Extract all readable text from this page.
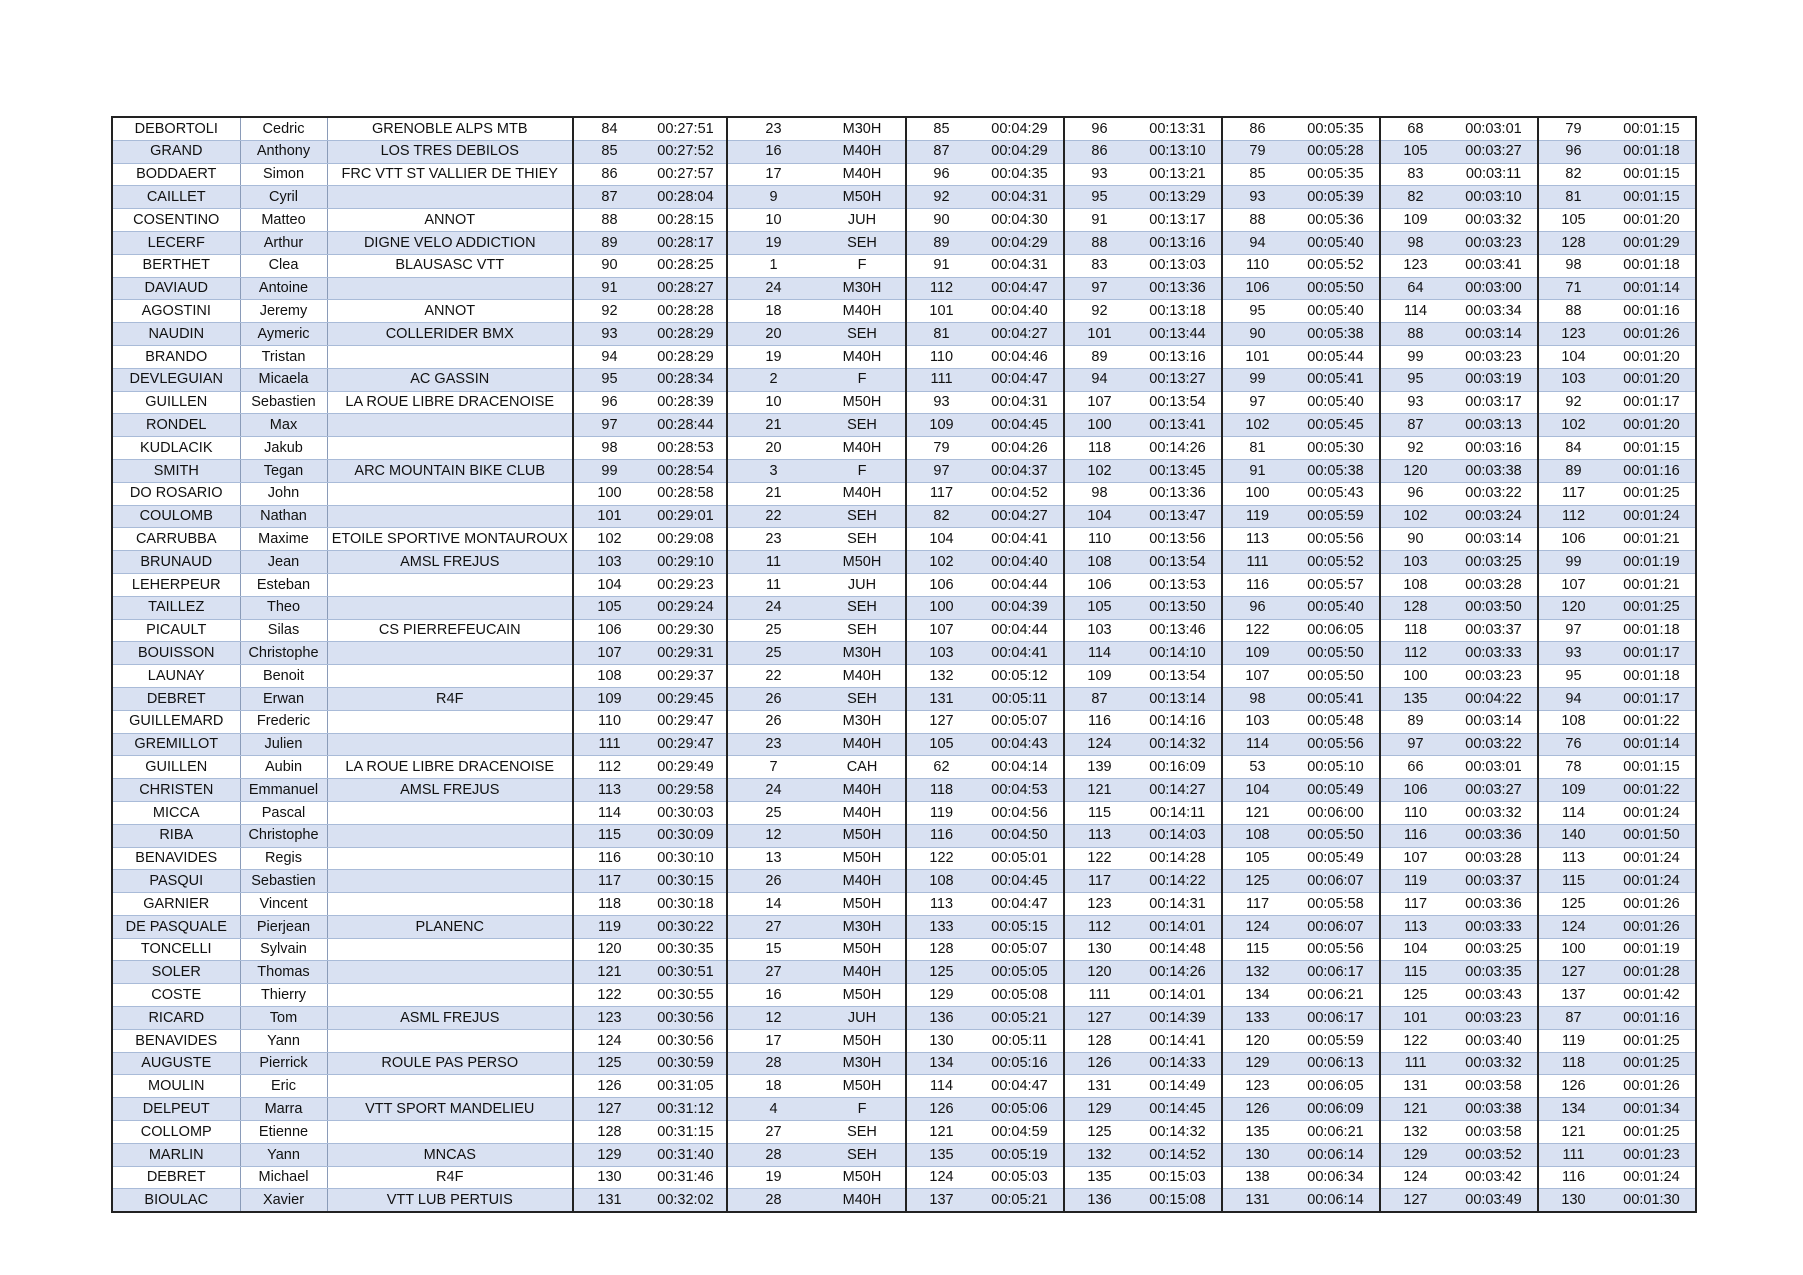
DEBORTOLI	Cedric	GRENOBLE ALPS MTB	84	00:27:51	23	M30H	85	00:04:29	96	00:13:31	86	00:05:35	68	00:03:01	79	00:01:15
GRAND	Anthony	LOS TRES DEBILOS	85	00:27:52	16	M40H	87	00:04:29	86	00:13:10	79	00:05:28	105	00:03:27	96	00:01:18
BODDAERT	Simon	FRC VTT ST VALLIER DE THIEY	86	00:27:57	17	M40H	96	00:04:35	93	00:13:21	85	00:05:35	83	00:03:11	82	00:01:15
CAILLET	Cyril		87	00:28:04	9	M50H	92	00:04:31	95	00:13:29	93	00:05:39	82	00:03:10	81	00:01:15
COSENTINO	Matteo	ANNOT	88	00:28:15	10	JUH	90	00:04:30	91	00:13:17	88	00:05:36	109	00:03:32	105	00:01:20
LECERF	Arthur	DIGNE VELO ADDICTION	89	00:28:17	19	SEH	89	00:04:29	88	00:13:16	94	00:05:40	98	00:03:23	128	00:01:29
BERTHET	Clea	BLAUSASC VTT	90	00:28:25	1	F	91	00:04:31	83	00:13:03	110	00:05:52	123	00:03:41	98	00:01:18
DAVIAUD	Antoine		91	00:28:27	24	M30H	112	00:04:47	97	00:13:36	106	00:05:50	64	00:03:00	71	00:01:14
AGOSTINI	Jeremy	ANNOT	92	00:28:28	18	M40H	101	00:04:40	92	00:13:18	95	00:05:40	114	00:03:34	88	00:01:16
NAUDIN	Aymeric	COLLERIDER BMX	93	00:28:29	20	SEH	81	00:04:27	101	00:13:44	90	00:05:38	88	00:03:14	123	00:01:26
BRANDO	Tristan		94	00:28:29	19	M40H	110	00:04:46	89	00:13:16	101	00:05:44	99	00:03:23	104	00:01:20
DEVLEGUIAN	Micaela	AC GASSIN	95	00:28:34	2	F	111	00:04:47	94	00:13:27	99	00:05:41	95	00:03:19	103	00:01:20
GUILLEN	Sebastien	LA ROUE LIBRE DRACENOISE	96	00:28:39	10	M50H	93	00:04:31	107	00:13:54	97	00:05:40	93	00:03:17	92	00:01:17
RONDEL	Max		97	00:28:44	21	SEH	109	00:04:45	100	00:13:41	102	00:05:45	87	00:03:13	102	00:01:20
KUDLACIK	Jakub		98	00:28:53	20	M40H	79	00:04:26	118	00:14:26	81	00:05:30	92	00:03:16	84	00:01:15
SMITH	Tegan	ARC MOUNTAIN BIKE CLUB	99	00:28:54	3	F	97	00:04:37	102	00:13:45	91	00:05:38	120	00:03:38	89	00:01:16
DO ROSARIO	John		100	00:28:58	21	M40H	117	00:04:52	98	00:13:36	100	00:05:43	96	00:03:22	117	00:01:25
COULOMB	Nathan		101	00:29:01	22	SEH	82	00:04:27	104	00:13:47	119	00:05:59	102	00:03:24	112	00:01:24
CARRUBBA	Maxime	ETOILE SPORTIVE MONTAUROUX	102	00:29:08	23	SEH	104	00:04:41	110	00:13:56	113	00:05:56	90	00:03:14	106	00:01:21
BRUNAUD	Jean	AMSL FREJUS	103	00:29:10	11	M50H	102	00:04:40	108	00:13:54	111	00:05:52	103	00:03:25	99	00:01:19
LEHERPEUR	Esteban		104	00:29:23	11	JUH	106	00:04:44	106	00:13:53	116	00:05:57	108	00:03:28	107	00:01:21
TAILLEZ	Theo		105	00:29:24	24	SEH	100	00:04:39	105	00:13:50	96	00:05:40	128	00:03:50	120	00:01:25
PICAULT	Silas	CS PIERREFEUCAIN	106	00:29:30	25	SEH	107	00:04:44	103	00:13:46	122	00:06:05	118	00:03:37	97	00:01:18
BOUISSON	Christophe		107	00:29:31	25	M30H	103	00:04:41	114	00:14:10	109	00:05:50	112	00:03:33	93	00:01:17
LAUNAY	Benoit		108	00:29:37	22	M40H	132	00:05:12	109	00:13:54	107	00:05:50	100	00:03:23	95	00:01:18
DEBRET	Erwan	R4F	109	00:29:45	26	SEH	131	00:05:11	87	00:13:14	98	00:05:41	135	00:04:22	94	00:01:17
GUILLEMARD	Frederic		110	00:29:47	26	M30H	127	00:05:07	116	00:14:16	103	00:05:48	89	00:03:14	108	00:01:22
GREMILLOT	Julien		111	00:29:47	23	M40H	105	00:04:43	124	00:14:32	114	00:05:56	97	00:03:22	76	00:01:14
GUILLEN	Aubin	LA ROUE LIBRE DRACENOISE	112	00:29:49	7	CAH	62	00:04:14	139	00:16:09	53	00:05:10	66	00:03:01	78	00:01:15
CHRISTEN	Emmanuel	AMSL FREJUS	113	00:29:58	24	M40H	118	00:04:53	121	00:14:27	104	00:05:49	106	00:03:27	109	00:01:22
MICCA	Pascal		114	00:30:03	25	M40H	119	00:04:56	115	00:14:11	121	00:06:00	110	00:03:32	114	00:01:24
RIBA	Christophe		115	00:30:09	12	M50H	116	00:04:50	113	00:14:03	108	00:05:50	116	00:03:36	140	00:01:50
BENAVIDES	Regis		116	00:30:10	13	M50H	122	00:05:01	122	00:14:28	105	00:05:49	107	00:03:28	113	00:01:24
PASQUI	Sebastien		117	00:30:15	26	M40H	108	00:04:45	117	00:14:22	125	00:06:07	119	00:03:37	115	00:01:24
GARNIER	Vincent		118	00:30:18	14	M50H	113	00:04:47	123	00:14:31	117	00:05:58	117	00:03:36	125	00:01:26
DE PASQUALE	Pierjean	PLANENC	119	00:30:22	27	M30H	133	00:05:15	112	00:14:01	124	00:06:07	113	00:03:33	124	00:01:26
TONCELLI	Sylvain		120	00:30:35	15	M50H	128	00:05:07	130	00:14:48	115	00:05:56	104	00:03:25	100	00:01:19
SOLER	Thomas		121	00:30:51	27	M40H	125	00:05:05	120	00:14:26	132	00:06:17	115	00:03:35	127	00:01:28
COSTE	Thierry		122	00:30:55	16	M50H	129	00:05:08	111	00:14:01	134	00:06:21	125	00:03:43	137	00:01:42
RICARD	Tom	ASML FREJUS	123	00:30:56	12	JUH	136	00:05:21	127	00:14:39	133	00:06:17	101	00:03:23	87	00:01:16
BENAVIDES	Yann		124	00:30:56	17	M50H	130	00:05:11	128	00:14:41	120	00:05:59	122	00:03:40	119	00:01:25
AUGUSTE	Pierrick	ROULE PAS PERSO	125	00:30:59	28	M30H	134	00:05:16	126	00:14:33	129	00:06:13	111	00:03:32	118	00:01:25
MOULIN	Eric		126	00:31:05	18	M50H	114	00:04:47	131	00:14:49	123	00:06:05	131	00:03:58	126	00:01:26
DELPEUT	Marra	VTT SPORT MANDELIEU	127	00:31:12	4	F	126	00:05:06	129	00:14:45	126	00:06:09	121	00:03:38	134	00:01:34
COLLOMP	Etienne		128	00:31:15	27	SEH	121	00:04:59	125	00:14:32	135	00:06:21	132	00:03:58	121	00:01:25
MARLIN	Yann	MNCAS	129	00:31:40	28	SEH	135	00:05:19	132	00:14:52	130	00:06:14	129	00:03:52	111	00:01:23
DEBRET	Michael	R4F	130	00:31:46	19	M50H	124	00:05:03	135	00:15:03	138	00:06:34	124	00:03:42	116	00:01:24
BIOULAC	Xavier	VTT LUB PERTUIS	131	00:32:02	28	M40H	137	00:05:21	136	00:15:08	131	00:06:14	127	00:03:49	130	00:01:30
